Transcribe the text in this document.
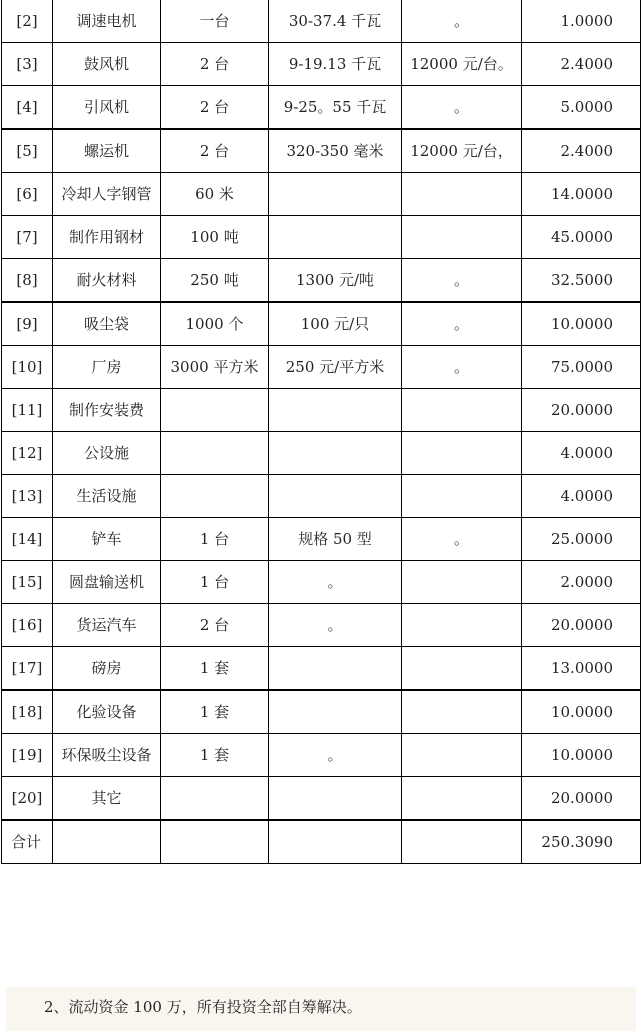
[2]	调速电机	一台	30-37.4 千瓦	。	1.0000
[3]	鼓风机	2 台	9-19.13 千瓦	12000 元/台。	2.4000
[4]	引风机	2 台	9-25。55 千瓦	。	5.0000
[5]	螺运机	2 台	320-350 毫米	12000 元/台，	2.4000
[6]	冷却人字钢管	60 米			14.0000
[7]	制作用钢材	100 吨			45.0000
[8]	耐火材料	250 吨	1300 元/吨	。	32.5000
[9]	吸尘袋	1000 个	100 元/只	。	10.0000
[10]	厂房	3000 平方米	250 元/平方米	。	75.0000
[11]	制作安装费				20.0000
[12]	公设施				4.0000
[13]	生活设施				4.0000
[14]	铲车	1 台	规格 50 型	。	25.0000
[15]	圆盘输送机	1 台	。		2.0000
[16]	货运汽车	2 台	。		20.0000
[17]	磅房	1 套			13.0000
[18]	化验设备	1 套			10.0000
[19]	环保吸尘设备	1 套	。		10.0000
[20]	其它				20.0000
合计					250.3090
2、流动资金 100 万，所有投资全部自筹解决。
